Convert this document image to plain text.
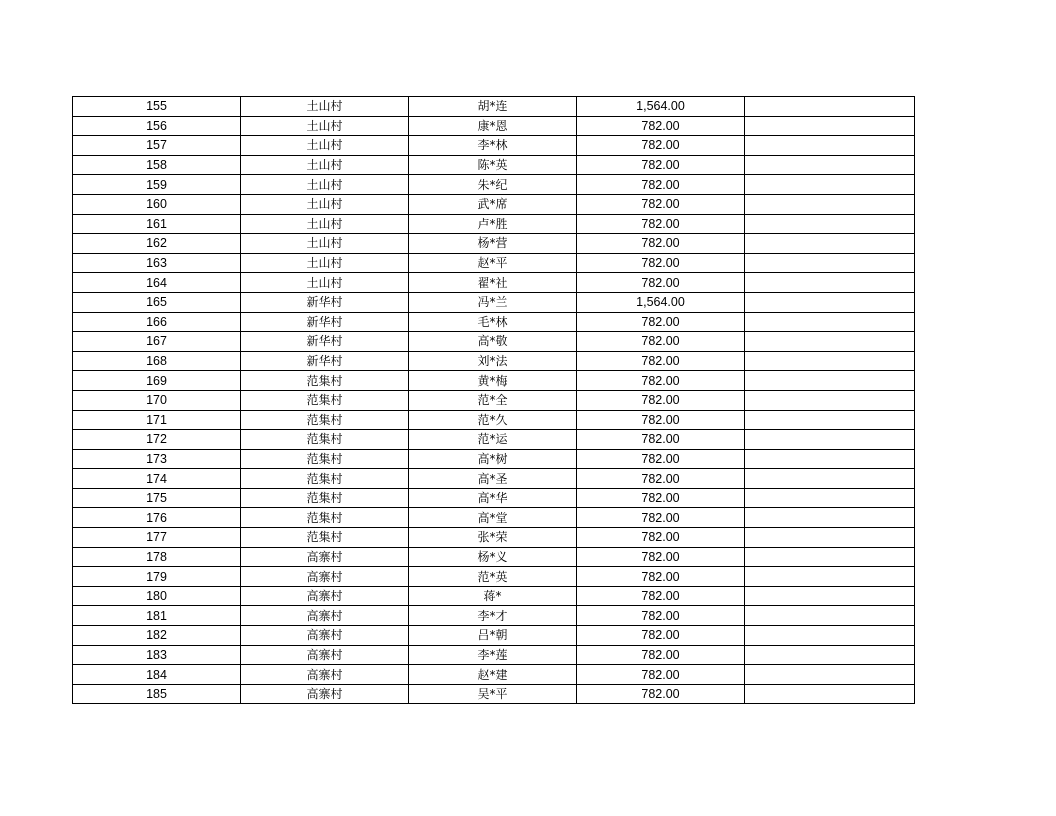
155	土山村	胡*连	1,564.00	
156	土山村	康*恩	782.00	
157	土山村	李*林	782.00	
158	土山村	陈*英	782.00	
159	土山村	朱*纪	782.00	
160	土山村	武*席	782.00	
161	土山村	卢*胜	782.00	
162	土山村	杨*营	782.00	
163	土山村	赵*平	782.00	
164	土山村	翟*社	782.00	
165	新华村	冯*兰	1,564.00	
166	新华村	毛*林	782.00	
167	新华村	高*敬	782.00	
168	新华村	刘*法	782.00	
169	范集村	黄*梅	782.00	
170	范集村	范*全	782.00	
171	范集村	范*久	782.00	
172	范集村	范*运	782.00	
173	范集村	高*树	782.00	
174	范集村	高*圣	782.00	
175	范集村	高*华	782.00	
176	范集村	高*堂	782.00	
177	范集村	张*荣	782.00	
178	高寨村	杨*义	782.00	
179	高寨村	范*英	782.00	
180	高寨村	蒋*	782.00	
181	高寨村	李*才	782.00	
182	高寨村	吕*朝	782.00	
183	高寨村	李*莲	782.00	
184	高寨村	赵*建	782.00	
185	高寨村	吴*平	782.00	
